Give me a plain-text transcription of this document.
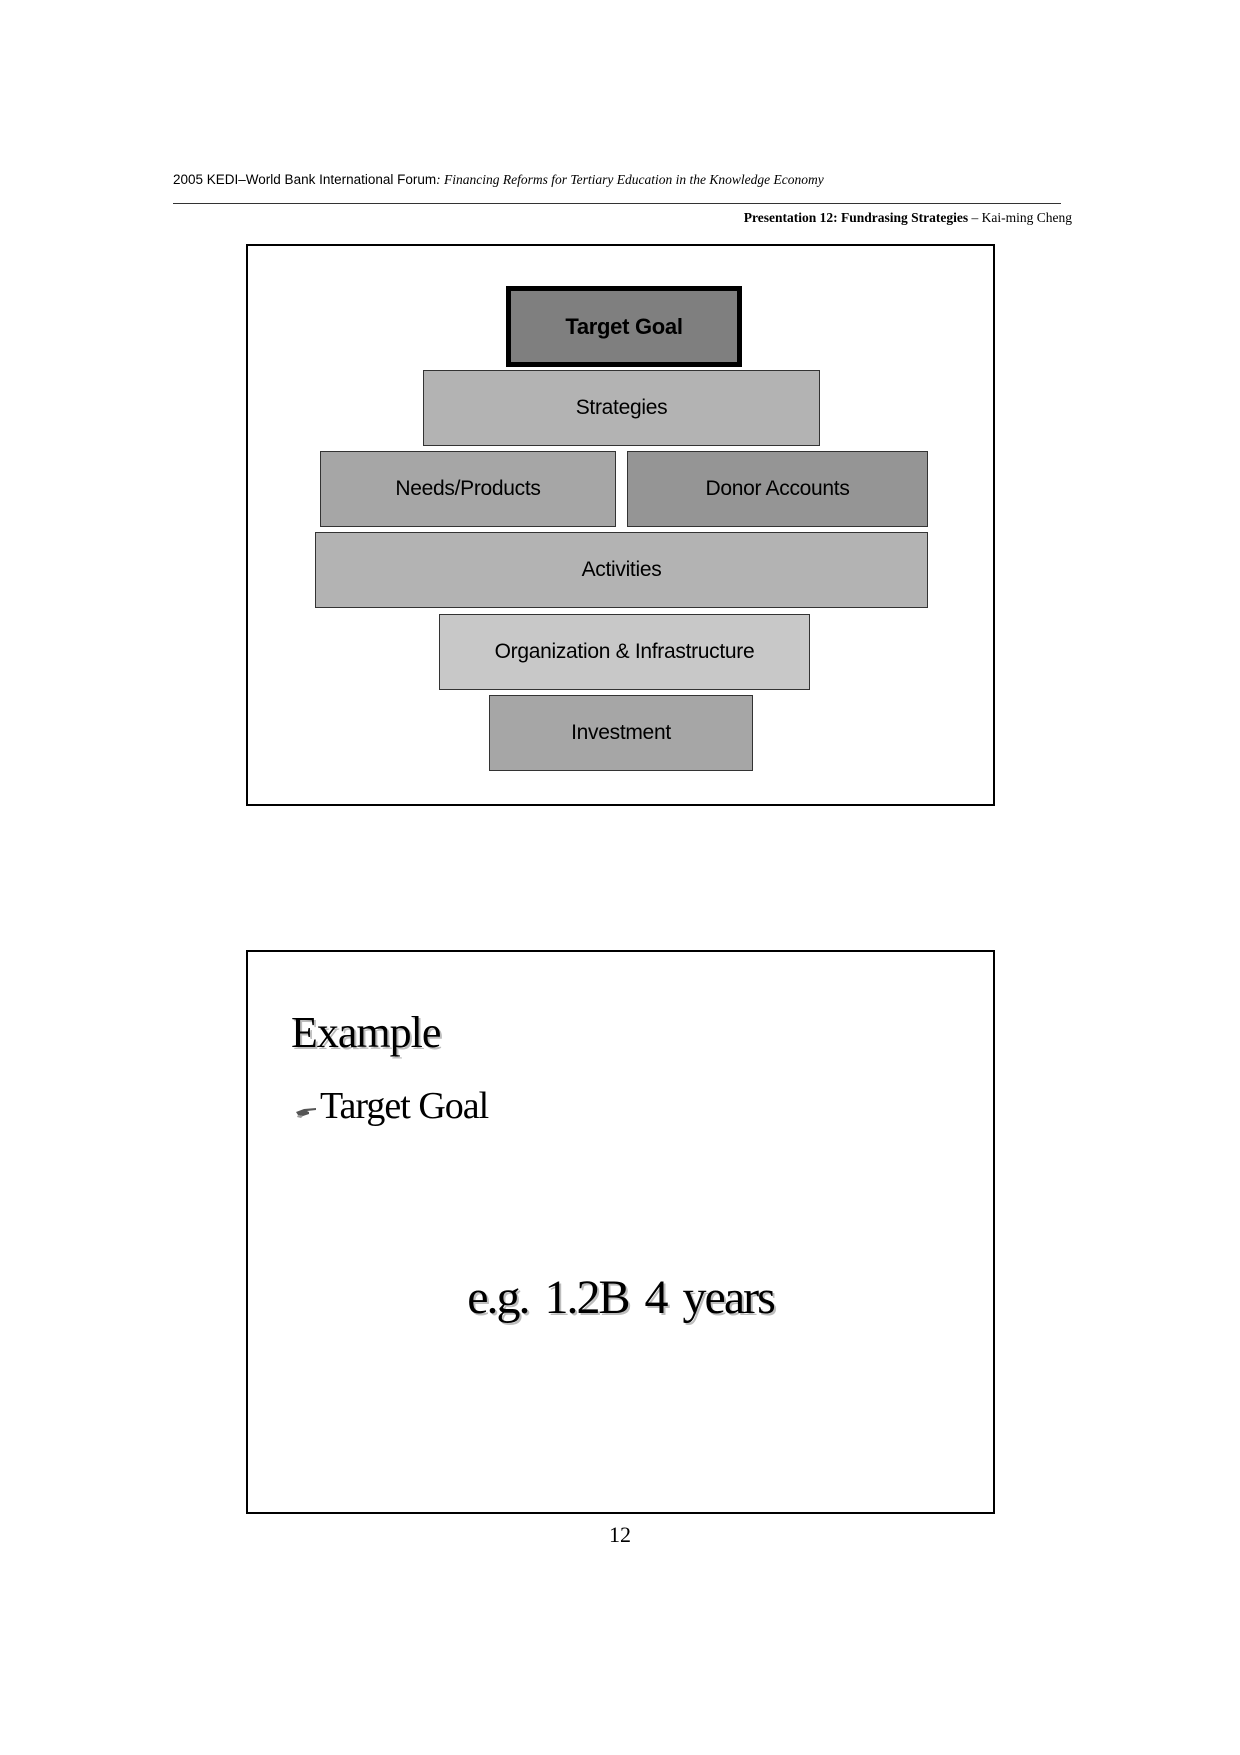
2005 KEDI–World Bank International Forum: Financing Reforms for Tertiary Education in the Knowledge Economy
Presentation 12: Fundrasing Strategies – Kai-ming Cheng
Target Goal
Strategies
Needs/Products	Donor Accounts
Activities
Organization & Infrastructure
Investment
Example
Target Goal
e.g. 1.2B 4 years
12
